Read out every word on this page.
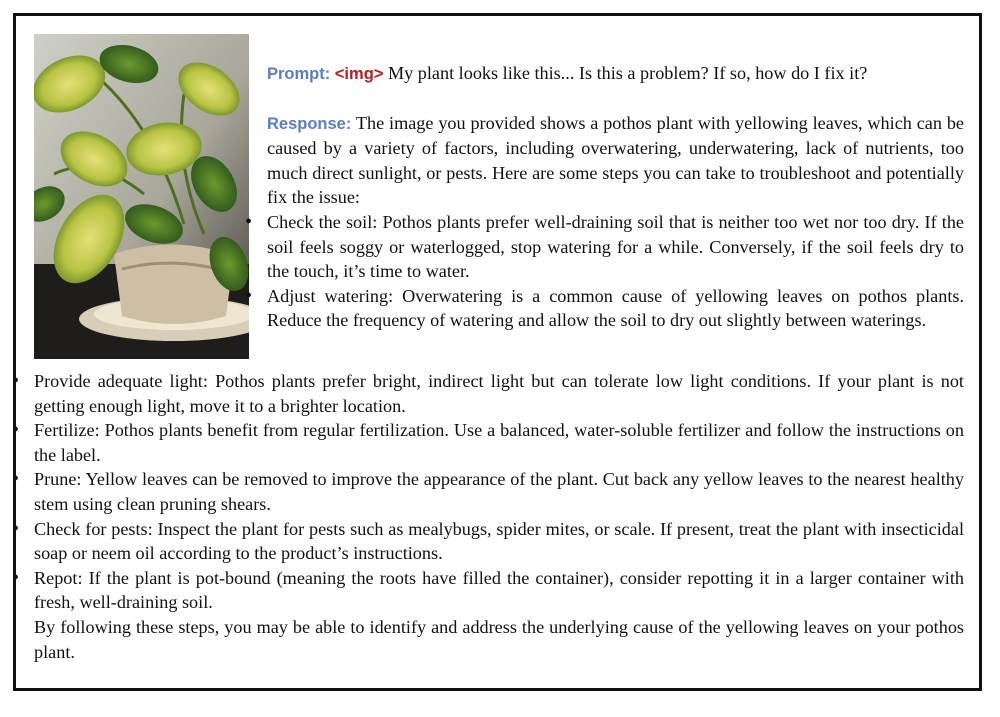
Prompt: <img> My plant looks like this... Is this a problem? If so, how do I fix it?

Response: The image you provided shows a pothos plant with yellowing leaves, which can be caused by a variety of factors, including overwatering, underwatering, lack of nutrients, too much direct sunlight, or pests. Here are some steps you can take to troubleshoot and potentially fix the issue:

• Check the soil: Pothos plants prefer well-draining soil that is neither too wet nor too dry. If the soil feels soggy or waterlogged, stop watering for a while. Conversely, if the soil feels dry to the touch, it’s time to water.
• Adjust watering: Overwatering is a common cause of yellowing leaves on pothos plants. Reduce the frequency of watering and allow the soil to dry out slightly between waterings.
• Provide adequate light: Pothos plants prefer bright, indirect light but can tolerate low light conditions. If your plant is not getting enough light, move it to a brighter location.
• Fertilize: Pothos plants benefit from regular fertilization. Use a balanced, water-soluble fertilizer and follow the instructions on the label.
• Prune: Yellow leaves can be removed to improve the appearance of the plant. Cut back any yellow leaves to the nearest healthy stem using clean pruning shears.
• Check for pests: Inspect the plant for pests such as mealybugs, spider mites, or scale. If present, treat the plant with insecticidal soap or neem oil according to the product’s instructions.
• Repot: If the plant is pot-bound (meaning the roots have filled the container), consider repotting it in a larger container with fresh, well-draining soil.

By following these steps, you may be able to identify and address the underlying cause of the yellowing leaves on your pothos plant.
